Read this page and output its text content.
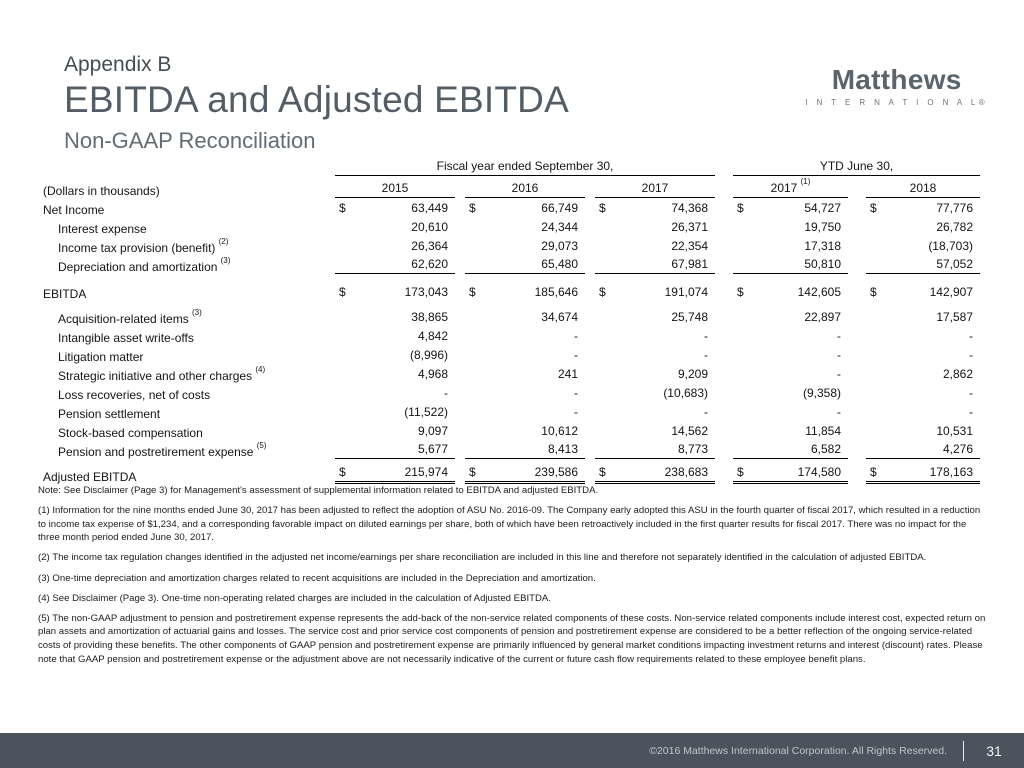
Appendix B
EBITDA and Adjusted EBITDA
Non-GAAP Reconciliation
Matthews
I N T E R N A T I O N A L®

	Fiscal year ended September 30,			YTD June 30,	

(Dollars in thousands)	2015	2016	2017	2017 $^{(1)}$	2018

Net Income	$ 63,449	$ 66,749	$ 74,368	$ 54,727	$ 77,776

Interest expense	20,610	24,344	26,371	19,750	26,782

Income tax provision (benefit) $^{(2)}$	26,364	29,073	22,354	17,318	(18,703)

Depreciation and amortization $^{(3)}$	62,620	65,480	67,981	50,810	57,052

EBITDA	$ 173,043	$ 185,646	$ 191,074	$ 142,605	$ 142,907

Acquisition-related items $^{(3)}$	38,865	34,674	25,748	22,897	17,587

Intangible asset write-offs	4,842	-	-	-	-

Litigation matter	(8,996)	-	-	-	-

Strategic initiative and other charges $^{(4)}$	4,968	241	9,209	-	2,862

Loss recoveries, net of costs	-	-	(10,683)	(9,358)	-

Pension settlement	(11,522)	-	-	-	-

Stock-based compensation	9,097	10,612	14,562	11,854	10,531

Pension and postretirement expense $^{(5)}$	5,677	8,413	8,773	6,582	4,276

Adjusted EBITDA	$ 215,974	$ 239,586	$ 238,683	$ 174,580	$ 178,163

Note: See Disclaimer (Page 3) for Management's assessment of supplemental information related to EBITDA and adjusted EBITDA.

(1) Information for the nine months ended June 30, 2017 has been adjusted to reflect the adoption of ASU No. 2016-09. The Company early adopted this ASU in the fourth quarter of fiscal 2017, which resulted in a reduction to income tax expense of $1,234, and a corresponding favorable impact on diluted earnings per share, both of which have been retroactively included in the first quarter results for fiscal 2017. There was no impact for the three month period ended June 30, 2017.

(2) The income tax regulation changes identified in the adjusted net income/earnings per share reconciliation are included in this line and therefore not separately identified in the calculation of adjusted EBITDA.

(3) One-time depreciation and amortization charges related to recent acquisitions are included in the Depreciation and amortization.

(4) See Disclaimer (Page 3). One-time non-operating related charges are included in the calculation of Adjusted EBITDA.

(5) The non-GAAP adjustment to pension and postretirement expense represents the add-back of the non-service related components of these costs. Non-service related components include interest cost, expected return on plan assets and amortization of actuarial gains and losses. The service cost and prior service cost components of pension and postretirement expense are considered to be a better reflection of the ongoing service-related costs of providing these benefits. The other components of GAAP pension and postretirement expense are primarily influenced by general market conditions impacting investment returns and interest (discount) rates. Please note that GAAP pension and postretirement expense or the adjustment above are not necessarily indicative of the current or future cash flow requirements related to these employee benefit plans.

©2016 Matthews International Corporation. All Rights Reserved.	31
